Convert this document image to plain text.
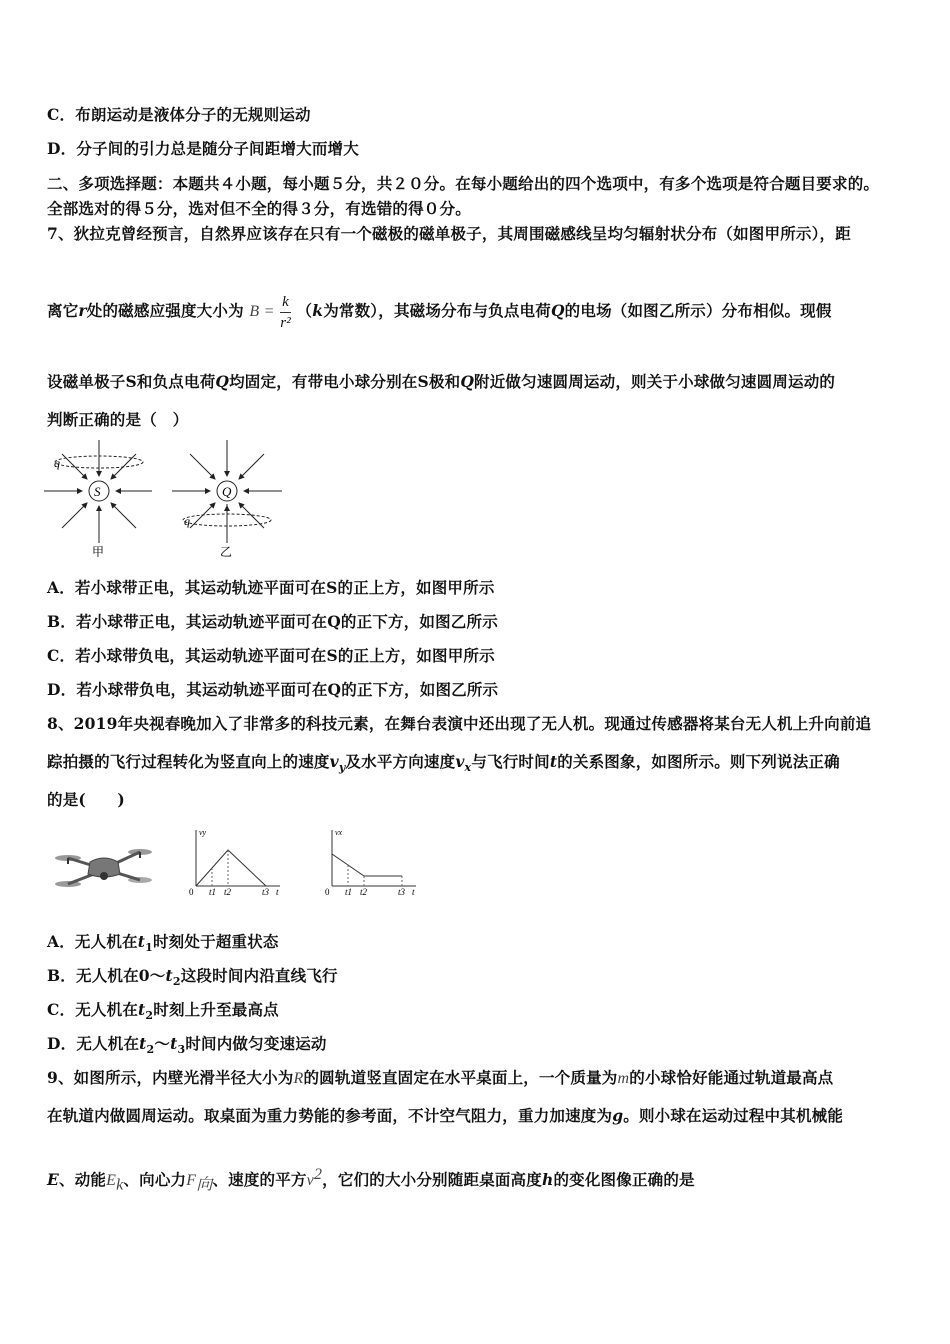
C．布朗运动是液体分子的无规则运动
D．分子间的引力总是随分子间距增大而增大
二、多项选择题：本题共４小题，每小题５分，共２０分。在每小题给出的四个选项中，有多个选项是符合题目要求的。
全部选对的得５分，选对但不全的得３分，有选错的得０分。
7、狄拉克曾经预言，自然界应该存在只有一个磁极的磁单极子，其周围磁感线呈均匀辐射状分布（如图甲所示），距
离它r处的磁感应强度大小为 $B = \frac{k}{\text{r²}} (k$为常数），其磁场分布与负点电荷Q的电场（如图乙所示）分布相似。现假
设磁单极子S和负点电荷Q均固定，有带电小球分别在S极和Q附近做匀速圆周运动，则关于小球做匀速圆周运动的
判断正确的是（　）
S
q
甲
Q
q
乙
A．若小球带正电，其运动轨迹平面可在S的正上方，如图甲所示
B．若小球带正电，其运动轨迹平面可在Q的正下方，如图乙所示
C．若小球带负电，其运动轨迹平面可在S的正上方，如图甲所示
D．若小球带负电，其运动轨迹平面可在Q的正下方，如图乙所示
8、2019年央视春晚加入了非常多的科技元素，在舞台表演中还出现了无人机。现通过传感器将某台无人机上升向前追
踪拍摄的飞行过程转化为竖直向上的速度$v_y$及水平方向速度$v_x$与飞行时间t的关系图象，如图所示。则下列说法正确
的是(　　)
vy
0 t1 t2	t3 t
vx
0 t1 t2	t3 t
A．无人机在$t_1$时刻处于超重状态
B．无人机在$0\sim t_2$这段时间内沿直线飞行
C．无人机在$t_2$时刻上升至最高点
D．无人机在$t_2\sim t_3$时间内做匀变速运动
9、如图所示，内壁光滑半径大小为R的圆轨道竖直固定在水平桌面上，一个质量为m的小球恰好能通过轨道最高点
在轨道内做圆周运动。取桌面为重力势能的参考面，不计空气阻力，重力加速度为g。则小球在运动过程中其机械能
E、动能$E_k$、向心力$F_向$、速度的平方$v^2$，它们的大小分别随距桌面高度h的变化图像正确的是
